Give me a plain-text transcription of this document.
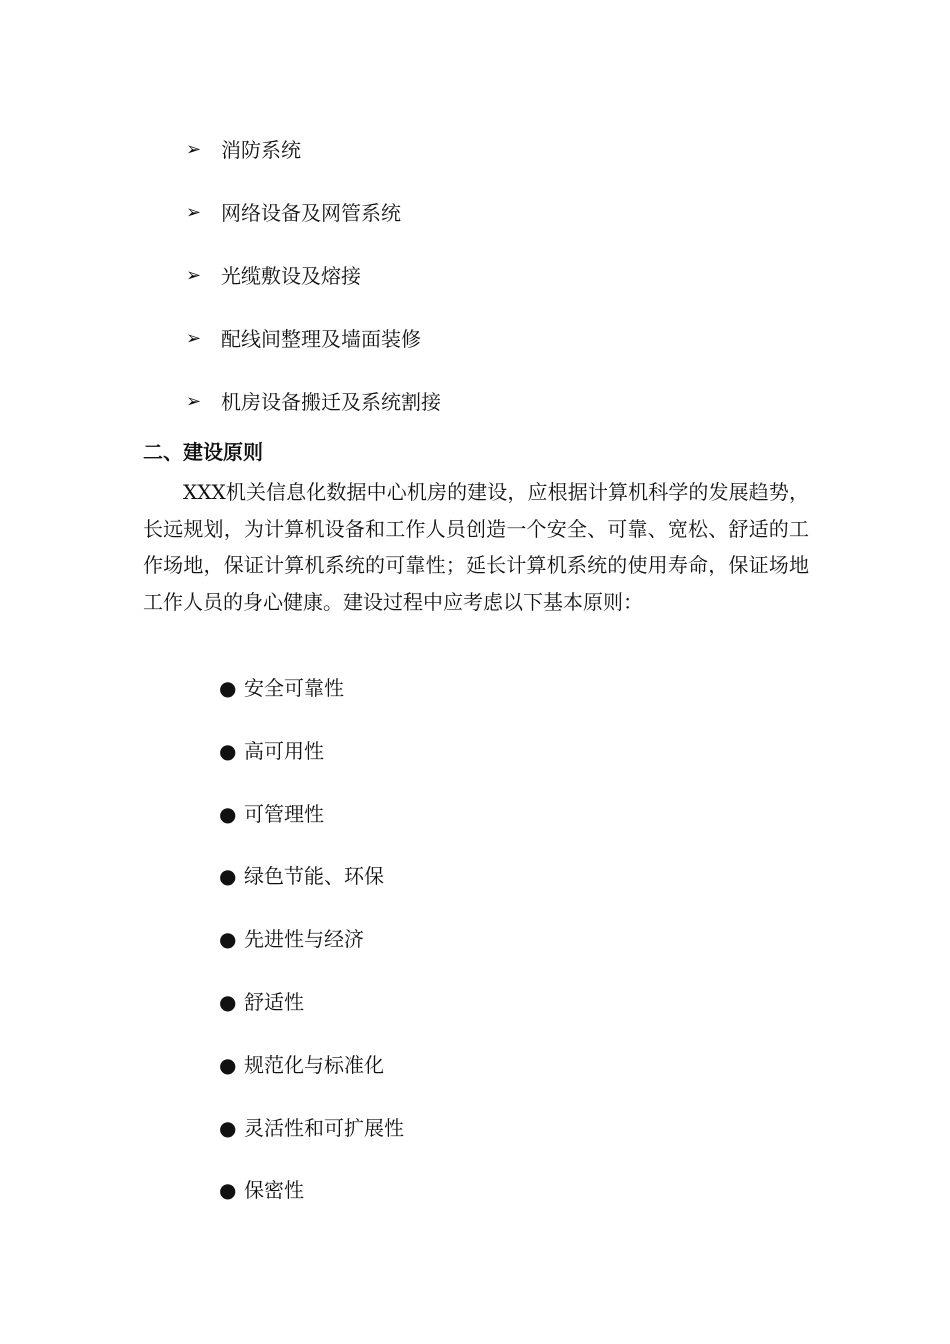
➢ 消防系统
➢ 网络设备及网管系统
➢ 光缆敷设及熔接
➢ 配线间整理及墙面装修
➢ 机房设备搬迁及系统割接
二、建设原则

XXX机关信息化数据中心机房的建设，应根据计算机科学的发展趋势，长远规划，为计算机设备和工作人员创造一个安全、可靠、宽松、舒适的工作场地，保证计算机系统的可靠性；延长计算机系统的使用寿命，保证场地工作人员的身心健康。建设过程中应考虑以下基本原则：

● 安全可靠性
● 高可用性
● 可管理性
● 绿色节能、环保
● 先进性与经济
● 舒适性
● 规范化与标准化
● 灵活性和可扩展性
● 保密性
